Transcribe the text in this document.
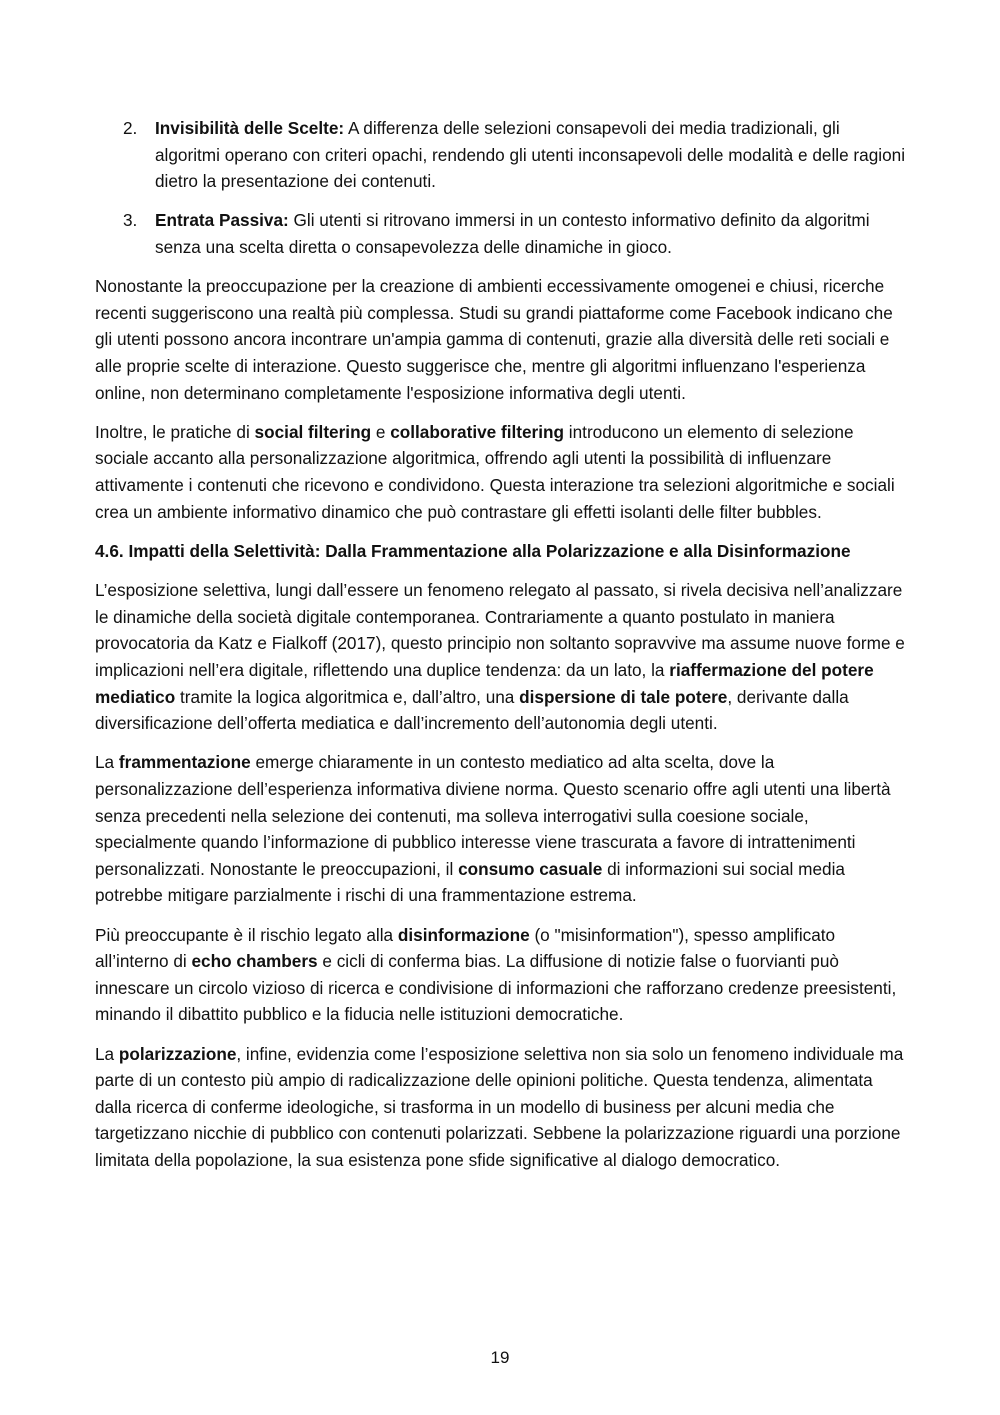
2. Invisibilità delle Scelte: A differenza delle selezioni consapevoli dei media tradizionali, gli algoritmi operano con criteri opachi, rendendo gli utenti inconsapevoli delle modalità e delle ragioni dietro la presentazione dei contenuti.
3. Entrata Passiva: Gli utenti si ritrovano immersi in un contesto informativo definito da algoritmi senza una scelta diretta o consapevolezza delle dinamiche in gioco.

Nonostante la preoccupazione per la creazione di ambienti eccessivamente omogenei e chiusi, ricerche recenti suggeriscono una realtà più complessa. Studi su grandi piattaforme come Facebook indicano che gli utenti possono ancora incontrare un'ampia gamma di contenuti, grazie alla diversità delle reti sociali e alle proprie scelte di interazione. Questo suggerisce che, mentre gli algoritmi influenzano l'esperienza online, non determinano completamente l'esposizione informativa degli utenti.

Inoltre, le pratiche di social filtering e collaborative filtering introducono un elemento di selezione sociale accanto alla personalizzazione algoritmica, offrendo agli utenti la possibilità di influenzare attivamente i contenuti che ricevono e condividono. Questa interazione tra selezioni algoritmiche e sociali crea un ambiente informativo dinamico che può contrastare gli effetti isolanti delle filter bubbles.

4.6. Impatti della Selettività: Dalla Frammentazione alla Polarizzazione e alla Disinformazione

L’esposizione selettiva, lungi dall’essere un fenomeno relegato al passato, si rivela decisiva nell’analizzare le dinamiche della società digitale contemporanea. Contrariamente a quanto postulato in maniera provocatoria da Katz e Fialkoff (2017), questo principio non soltanto sopravvive ma assume nuove forme e implicazioni nell’era digitale, riflettendo una duplice tendenza: da un lato, la riaffermazione del potere mediatico tramite la logica algoritmica e, dall’altro, una dispersione di tale potere, derivante dalla diversificazione dell’offerta mediatica e dall’incremento dell’autonomia degli utenti.

La frammentazione emerge chiaramente in un contesto mediatico ad alta scelta, dove la personalizzazione dell’esperienza informativa diviene norma. Questo scenario offre agli utenti una libertà senza precedenti nella selezione dei contenuti, ma solleva interrogativi sulla coesione sociale, specialmente quando l’informazione di pubblico interesse viene trascurata a favore di intrattenimenti personalizzati. Nonostante le preoccupazioni, il consumo casuale di informazioni sui social media potrebbe mitigare parzialmente i rischi di una frammentazione estrema.

Più preoccupante è il rischio legato alla disinformazione (o "misinformation"), spesso amplificato all’interno di echo chambers e cicli di conferma bias. La diffusione di notizie false o fuorvianti può innescare un circolo vizioso di ricerca e condivisione di informazioni che rafforzano credenze preesistenti, minando il dibattito pubblico e la fiducia nelle istituzioni democratiche.

La polarizzazione, infine, evidenzia come l’esposizione selettiva non sia solo un fenomeno individuale ma parte di un contesto più ampio di radicalizzazione delle opinioni politiche. Questa tendenza, alimentata dalla ricerca di conferme ideologiche, si trasforma in un modello di business per alcuni media che targetizzano nicchie di pubblico con contenuti polarizzati. Sebbene la polarizzazione riguardi una porzione limitata della popolazione, la sua esistenza pone sfide significative al dialogo democratico.

19
